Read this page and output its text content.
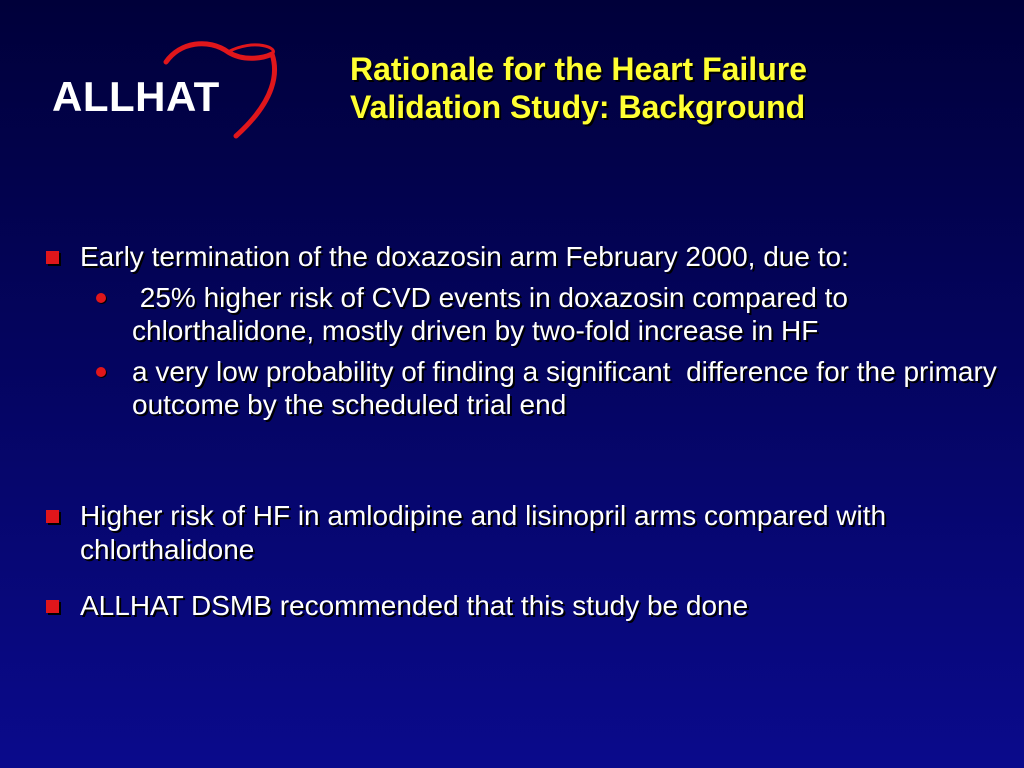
ALLHAT
Rationale for the Heart Failure
Validation Study: Background
Early termination of the doxazosin arm February 2000, due to:
25% higher risk of CVD events in doxazosin compared to chlorthalidone, mostly driven by two-fold increase in HF
a very low probability of finding a significant  difference for the primary outcome by the scheduled trial end
Higher risk of HF in amlodipine and lisinopril arms compared with chlorthalidone
ALLHAT DSMB recommended that this study be done
